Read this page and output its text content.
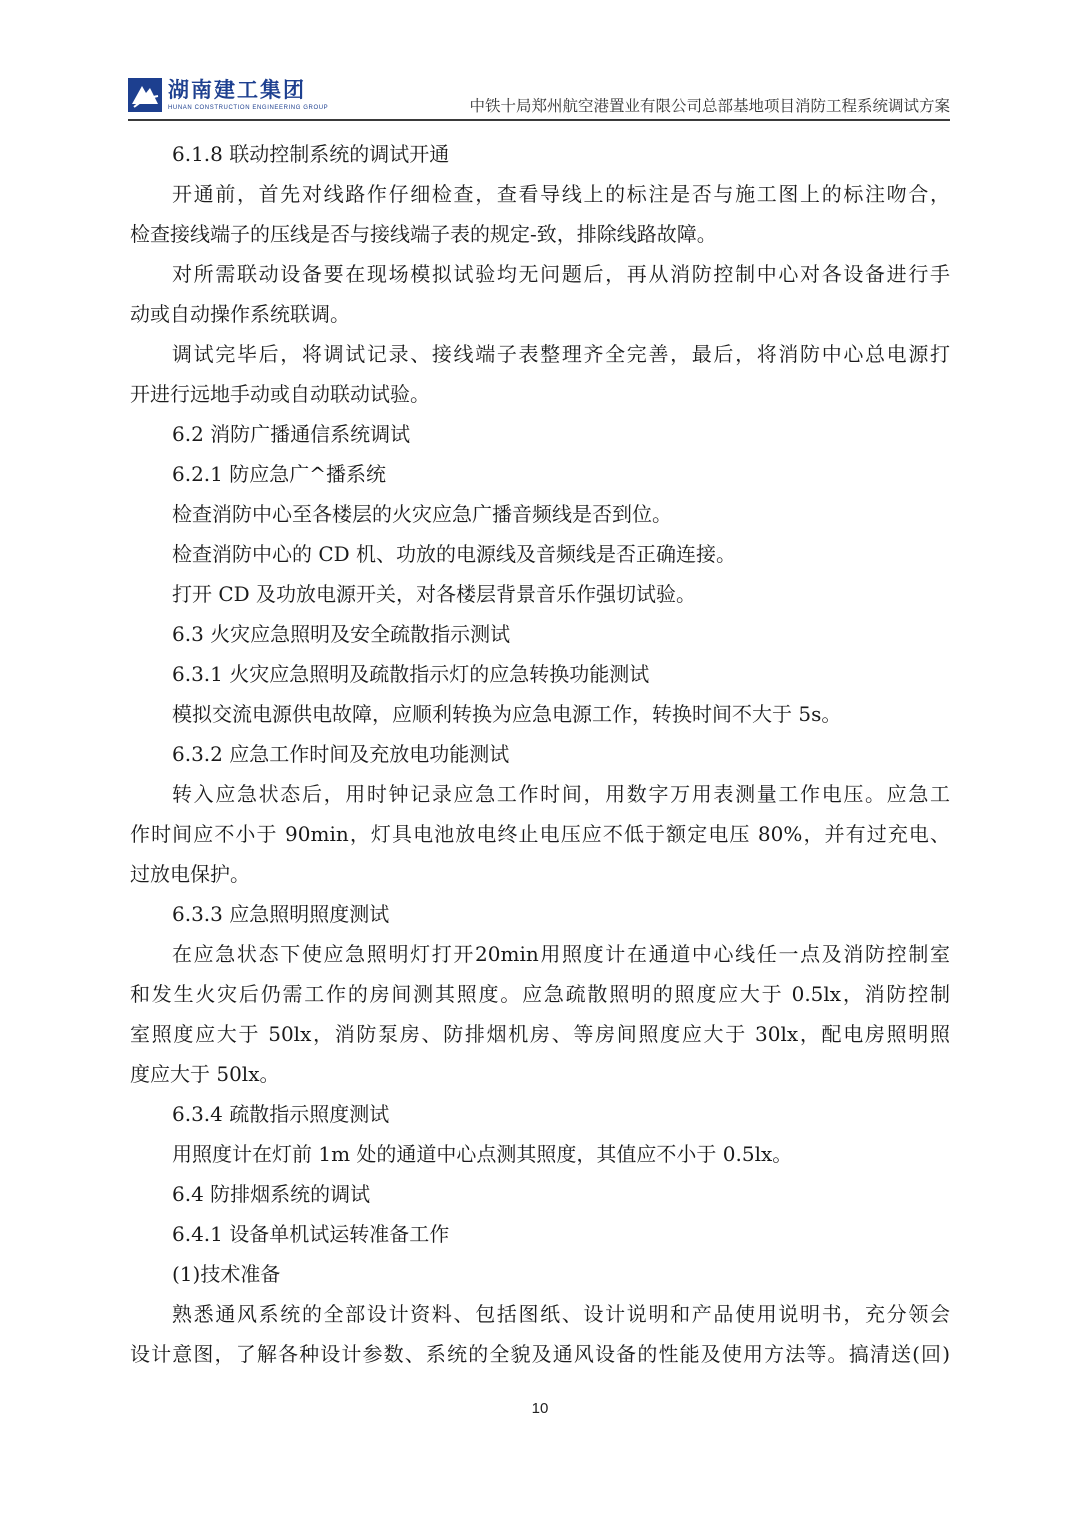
湖南建工集团
HUNAN CONSTRUCTION ENGINEERING GROUP	中铁十局郑州航空港置业有限公司总部基地项目消防工程系统调试方案
6.1.8 联动控制系统的调试开通
开通前，首先对线路作仔细检查，查看导线上的标注是否与施工图上的标注吻合，
检查接线端子的压线是否与接线端子表的规定-致，排除线路故障。
对所需联动设备要在现场模拟试验均无问题后，再从消防控制中心对各设备进行手
动或自动操作系统联调。
调试完毕后，将调试记录、接线端子表整理齐全完善，最后，将消防中心总电源打
开进行远地手动或自动联动试验。
6.2 消防广播通信系统调试
6.2.1 防应急广^播系统
检查消防中心至各楼层的火灾应急广播音频线是否到位。
检查消防中心的 CD 机、功放的电源线及音频线是否正确连接。
打开 CD 及功放电源开关，对各楼层背景音乐作强切试验。
6.3 火灾应急照明及安全疏散指示测试
6.3.1 火灾应急照明及疏散指示灯的应急转换功能测试
模拟交流电源供电故障，应顺利转换为应急电源工作，转换时间不大于 5s。
6.3.2 应急工作时间及充放电功能测试
转入应急状态后，用时钟记录应急工作时间，用数字万用表测量工作电压。应急工
作时间应不小于 90min，灯具电池放电终止电压应不低于额定电压 80%，并有过充电、
过放电保护。
6.3.3 应急照明照度测试
在应急状态下使应急照明灯打开20min用照度计在通道中心线任一点及消防控制室
和发生火灾后仍需工作的房间测其照度。应急疏散照明的照度应大于 0.5lx，消防控制
室照度应大于 50lx，消防泵房、防排烟机房、等房间照度应大于 30lx，配电房照明照
度应大于 50lx。
6.3.4 疏散指示照度测试
用照度计在灯前 1m 处的通道中心点测其照度，其值应不小于 0.5lx。
6.4 防排烟系统的调试
6.4.1 设备单机试运转准备工作
(1)技术准备
熟悉通风系统的全部设计资料、包括图纸、设计说明和产品使用说明书，充分领会
设计意图，了解各种设计参数、系统的全貌及通风设备的性能及使用方法等。搞清送(回)
10
